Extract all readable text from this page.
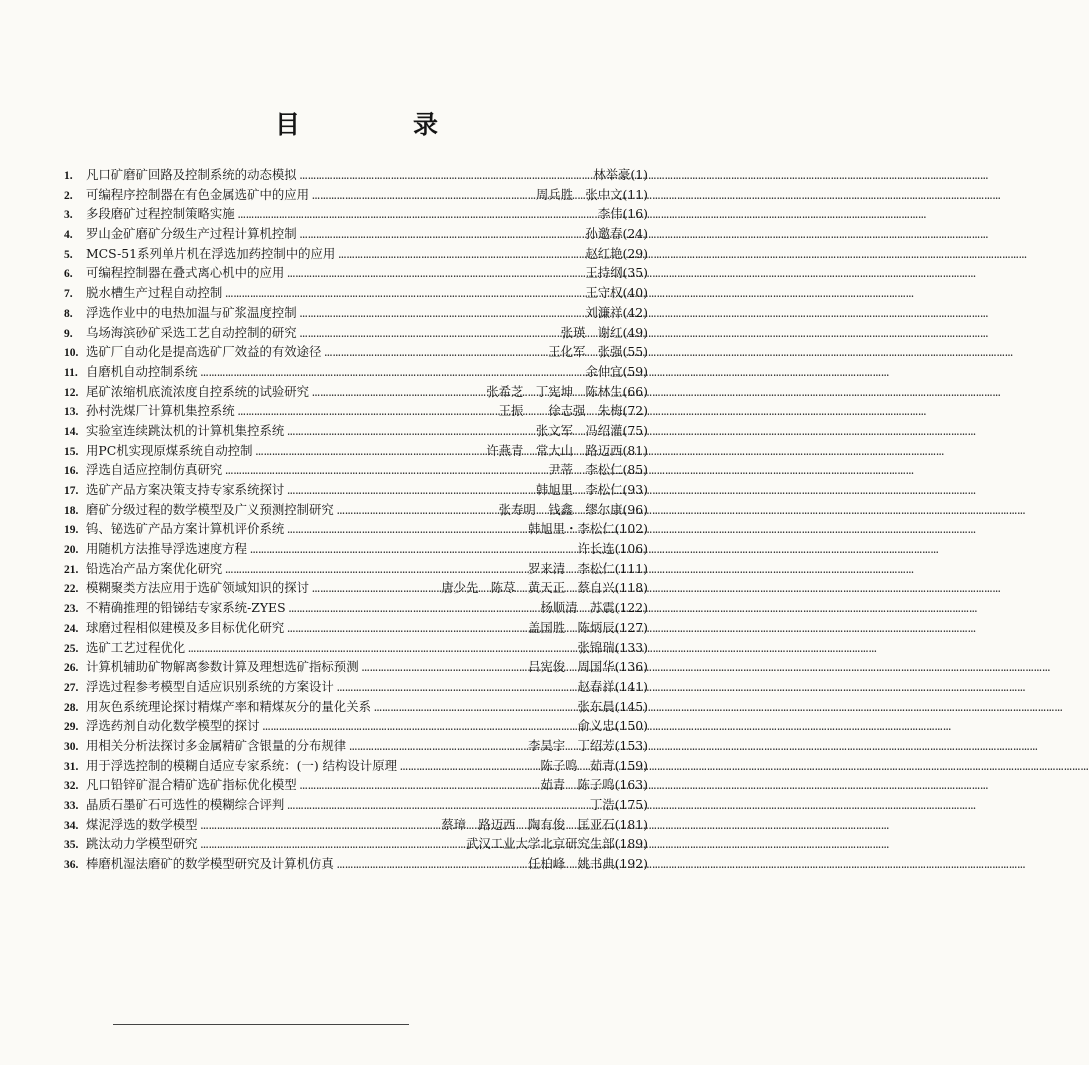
目　录
1.	凡口矿磨矿回路及控制系统的动态模拟 ……………………………………………………………………………………………………………………………………………………………………………………………………………………………	林举豪(1)
2.	可编程序控制器在有色金属选矿中的应用 ……………………………………………………………………………………………………………………………………………………………………………………………………………………………	周兵胜　张中文(11)
3.	多段磨矿过程控制策略实施 ……………………………………………………………………………………………………………………………………………………………………………………………………………………………	李伟(16)
4.	罗山金矿磨矿分级生产过程计算机控制 ……………………………………………………………………………………………………………………………………………………………………………………………………………………………	孙邀春(24)
5.	MCS-51系列单片机在浮选加药控制中的应用 ……………………………………………………………………………………………………………………………………………………………………………………………………………………………	赵红艳(29)
6.	可编程控制器在叠式离心机中的应用 ……………………………………………………………………………………………………………………………………………………………………………………………………………………………	王持纲(35)
7.	脱水槽生产过程自动控制 ……………………………………………………………………………………………………………………………………………………………………………………………………………………………	王守权(40)
8.	浮选作业中的电热加温与矿浆温度控制 ……………………………………………………………………………………………………………………………………………………………………………………………………………………………	刘濂祥(42)
9.	乌场海滨砂矿采选工艺自动控制的研究 ……………………………………………………………………………………………………………………………………………………………………………………………………………………………	张瑛　谢红(49)
10. 选矿厂自动化是提高选矿厂效益的有效途径 ……………………………………………………………………………………………………………………………………………………………………………………………………………………………	王化军　张强(55)
11. 自磨机自动控制系统 ……………………………………………………………………………………………………………………………………………………………………………………………………………………………	余仲宜(59)
12. 尾矿浓缩机底流浓度自控系统的试验研究 ……………………………………………………………………………………………………………………………………………………………………………………………………………………………	张希芝　丁宪坤　陈林生(66)
13. 孙村洗煤厂计算机集控系统 ……………………………………………………………………………………………………………………………………………………………………………………………………………………………	王振　　徐志强　朱梅(72)
14. 实验室连续跳汰机的计算机集控系统 ……………………………………………………………………………………………………………………………………………………………………………………………………………………………	张文军　冯绍灌(75)
15. 用PC机实现原煤系统自动控制 ……………………………………………………………………………………………………………………………………………………………………………………………………………………………	许燕青　常大山　路迈西(81)
16. 浮选自适应控制仿真研究 ……………………………………………………………………………………………………………………………………………………………………………………………………………………………	尹蒂　李松仁(85)
17. 选矿产品方案决策支持专家系统探讨 ……………………………………………………………………………………………………………………………………………………………………………………………………………………………	韩旭里　李松仁(93)
18. 磨矿分级过程的数学模型及广义预测控制研究 ……………………………………………………………………………………………………………………………………………………………………………………………………………………………	张寿明　钱鑫　缪尔康(96)
19. 钨、铋选矿产品方案计算机评价系统 ……………………………………………………………………………………………………………………………………………………………………………………………………………………………	韩旭里・李松仁(102)
20. 用随机方法推导浮选速度方程 ……………………………………………………………………………………………………………………………………………………………………………………………………………………………	许长连(106)
21. 铅选冶产品方案优化研究 ……………………………………………………………………………………………………………………………………………………………………………………………………………………………	罗来清　李松仁(111)
22. 模糊聚类方法应用于选矿领域知识的探讨 ……………………………………………………………………………………………………………………………………………………………………………………………………………………………	唐少先　陈荩　黄天正　蔡自兴(118)
23. 不精确推理的铅锑结专家系统-ZYES ……………………………………………………………………………………………………………………………………………………………………………………………………………………………	杨顺清　苏震(122)
24. 球磨过程相似建模及多目标优化研究 ……………………………………………………………………………………………………………………………………………………………………………………………………………………………	盖国胜　陈炳辰(127)
25. 选矿工艺过程优化 ……………………………………………………………………………………………………………………………………………………………………………………………………………………………	张锦瑞(133)
26. 计算机辅助矿物解离参数计算及理想选矿指标预测 ……………………………………………………………………………………………………………………………………………………………………………………………………………………………	吕宪俊　周国华(136)
27. 浮选过程参考模型自适应识别系统的方案设计 ……………………………………………………………………………………………………………………………………………………………………………………………………………………………	赵春祥(141)
28. 用灰色系统理论探讨精煤产率和精煤灰分的量化关系 ……………………………………………………………………………………………………………………………………………………………………………………………………………………………	张东晨(145)
29. 浮选药剂自动化数学模型的探讨 ……………………………………………………………………………………………………………………………………………………………………………………………………………………………	俞义忠(150)
30. 用相关分析法探讨多金属精矿含银量的分布规律 ……………………………………………………………………………………………………………………………………………………………………………………………………………………………	李昊宇　丁绍芳(153)
31. 用于浮选控制的模糊自适应专家系统：(一) 结构设计原理 ……………………………………………………………………………………………………………………………………………………………………………………………………………………………	陈子鸣　茹青(159)
32. 凡口铅锌矿混合精矿选矿指标优化模型 ……………………………………………………………………………………………………………………………………………………………………………………………………………………………	茹青　陈子鸣(163)
33. 晶质石墨矿石可选性的模糊综合评判 ……………………………………………………………………………………………………………………………………………………………………………………………………………………………	丁浩(175)
34. 煤泥浮选的数学模型 ……………………………………………………………………………………………………………………………………………………………………………………………………………………………	蔡璋　路迈西　陶有俊　匡亚石(181)
35. 跳汰动力学模型研究 ……………………………………………………………………………………………………………………………………………………………………………………………………………………………	武汉工业大学北京研究生部(189)
36. 棒磨机湿法磨矿的数学模型研究及计算机仿真 ……………………………………………………………………………………………………………………………………………………………………………………………………………………………	任柏峰　姚书典(192)
